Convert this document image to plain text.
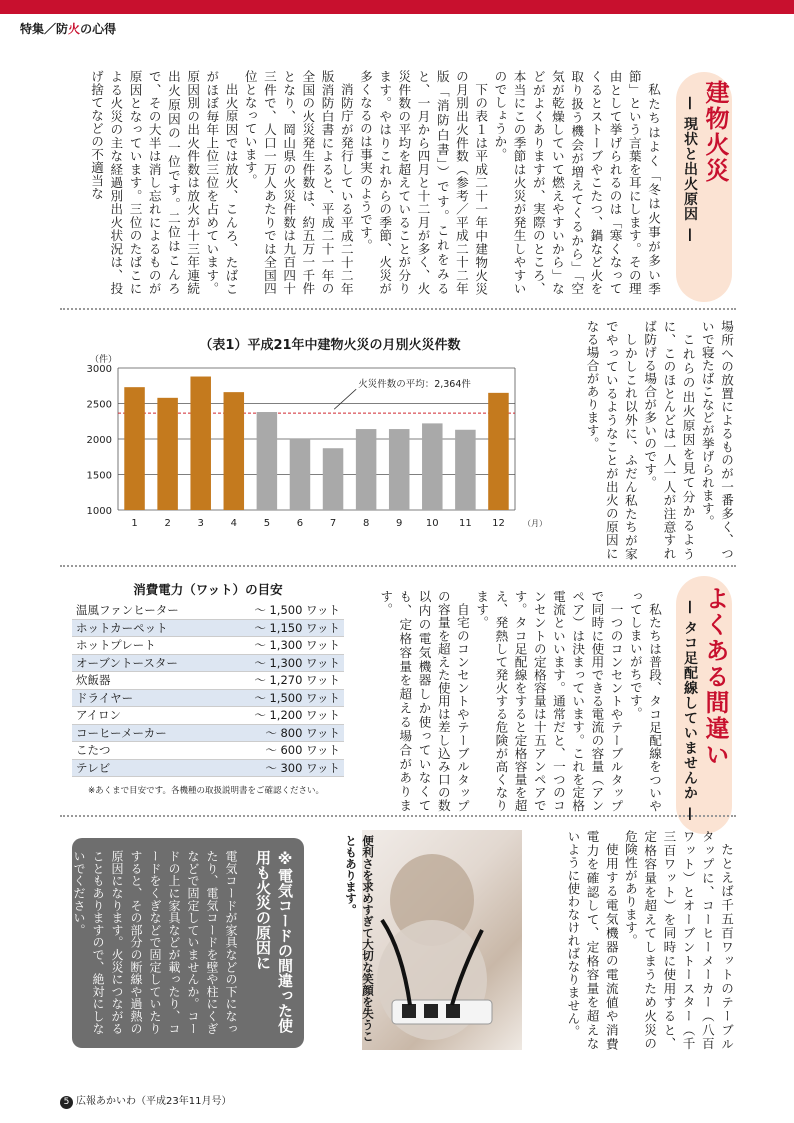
特集／防火の心得
建物火災
— 現状と出火原因 —

私たちはよく「冬は火事が多い季節」という言葉を耳にします。その理由として挙げられるのは「寒くなってくるとストーブやこたつ、鍋など火を取り扱う機会が増えてくるから」「空気が乾燥していて燃えやすいから」などがよくありますが、実際のところ、本当にこの季節は火災が発生しやすいのでしょうか。

下の表１は平成二十一年中建物火災の月別出火件数（参考／平成二十二年版「消防白書」）です。これをみると、一月から四月と十二月が多く、火災件数の平均を超えていることが分ります。やはりこれからの季節、火災が多くなるのは事実のようです。

消防庁が発行している平成二十二年版消防白書によると、平成二十一年の全国の火災発生件数は、約五万一千件となり、岡山県の火災件数は九百四十三件で、人口一万人あたりでは全国四位となっています。

出火原因では放火、こんろ、たばこがほぼ毎年上位三位を占めています。原因別の出火件数は放火が十三年連続出火原因の一位です。二位はこんろで、その大半は消し忘れによるものが原因となっています。三位のたばこによる火災の主な経過別出火状況は、投げ捨てなどの不適当な

場所への放置によるものが一番多く、ついで寝たばこなどが挙げられます。

これらの出火原因を見て分かるように、このほとんどは一人一人が注意すれば防げる場合が多いのです。

しかしこれ以外に、ふだん私たちが家でやっているようなことが出火の原因になる場合があります。

（表1）平成21年中建物火災の月別火災件数
1000
1500
2000
2500
3000
（件）
1	2	3	4	5	6	7	8	9 10 11 12 （月）
火災件数の平均：2,364件
消費電力（ワット）の目安
温風ファンヒーター	〜 1,500 ワット
ホットカーペット	〜 1,150 ワット
ホットプレート	〜 1,300 ワット
オーブントースター	〜 1,300 ワット
炊飯器	〜 1,270 ワット
ドライヤー	〜 1,500 ワット
アイロン	〜 1,200 ワット
コーヒーメーカー	〜 800 ワット
こたつ	〜 600 ワット
テレビ	〜 300 ワット
※あくまで目安です。各機種の取扱説明書をご確認ください。
よくある間違い
— タコ足配線していませんか —

私たちは普段、タコ足配線をついやってしまいがちです。

一つのコンセントやテーブルタップで同時に使用できる電流の容量（アンペア）は決まっています。これを定格電流といいます。通常だと、一つのコンセントの定格容量は十五アンペアです。タコ足配線をすると定格容量を超え、発熱して発火する危険が高くなります。

自宅のコンセントやテーブルタップの容量を超えた使用は差し込み口の数以内の電気機器しか使っていなくても、定格容量を超える場合があります。

たとえば千五百ワットのテーブルタップに、コーヒーメーカー（八百ワット）とオーブントースター（千三百ワット）を同時に使用すると、定格容量を超えてしまうため火災の危険性があります。

使用する電気機器の電流値や消費電力を確認して、定格容量を超えないように使わなければなりません。

便利さを求めすぎて大切な笑顔を失うこともあります。
※電気コードの間違った使用も火災の原因に
電気コードが家具などの下になったり、電気コードを壁や柱にくぎなどで固定していませんか。コードの上に家具などが載ったり、コードをくぎなどで固定していたりすると、その部分の断線や過熱の原因になります。火災につながることもありますので、絶対にしないでください。
5 広報あかいわ（平成23年11月号）
